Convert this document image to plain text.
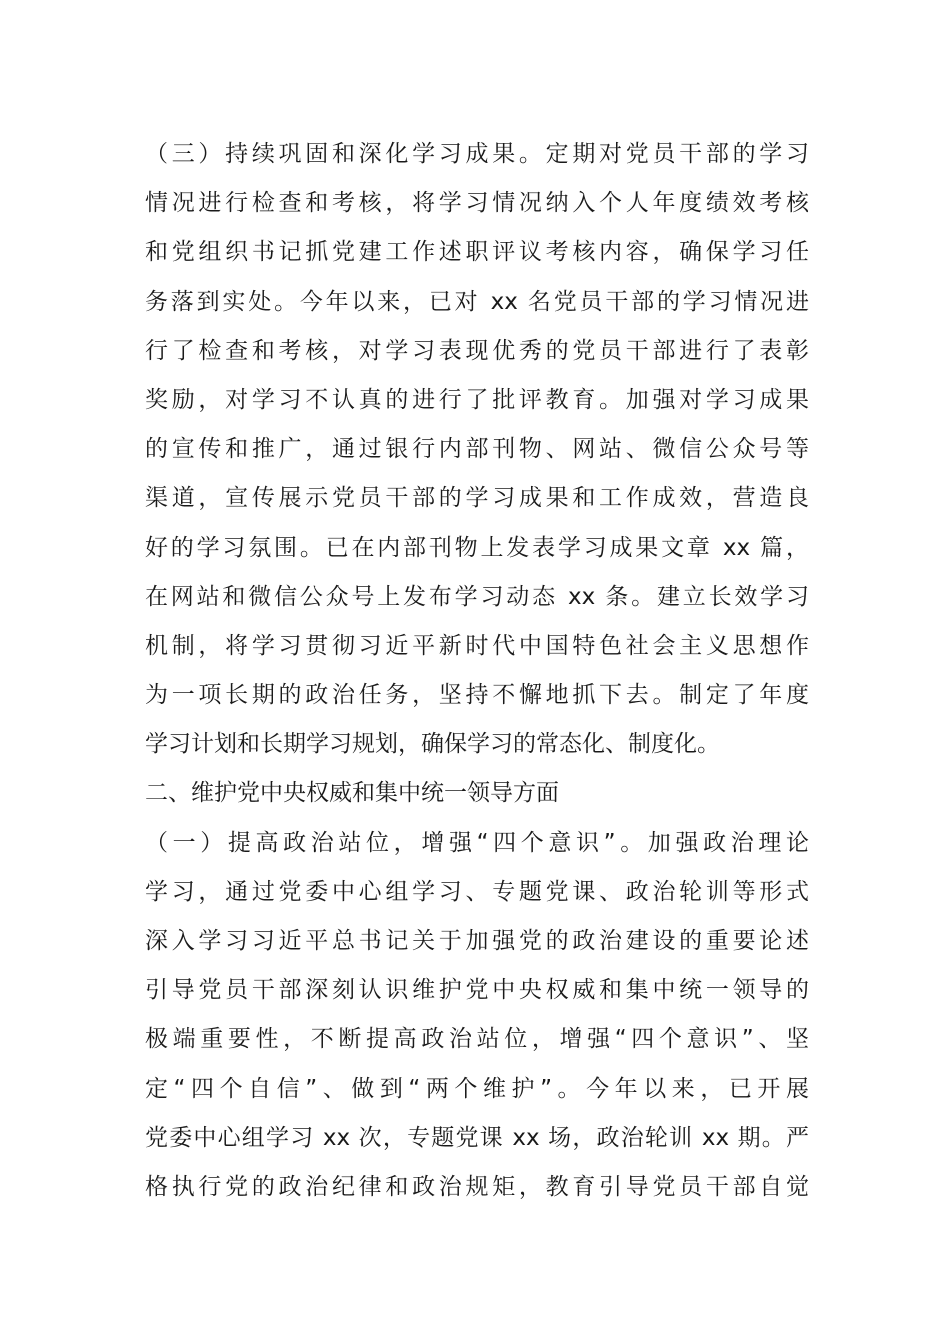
（三）持续巩固和深化学习成果。定期对党员干部的学习
情况进行检查和考核，将学习情况纳入个人年度绩效考核
和党组织书记抓党建工作述职评议考核内容，确保学习任
务落到实处。今年以来，已对 xx 名党员干部的学习情况进
行了检查和考核，对学习表现优秀的党员干部进行了表彰
奖励，对学习不认真的进行了批评教育。加强对学习成果
的宣传和推广，通过银行内部刊物、网站、微信公众号等
渠道，宣传展示党员干部的学习成果和工作成效，营造良
好的学习氛围。已在内部刊物上发表学习成果文章 xx 篇，
在网站和微信公众号上发布学习动态 xx 条。建立长效学习
机制，将学习贯彻习近平新时代中国特色社会主义思想作
为一项长期的政治任务，坚持不懈地抓下去。制定了年度
学习计划和长期学习规划，确保学习的常态化、制度化。
二、维护党中央权威和集中统一领导方面
（一）提高政治站位，增强“四个意识”。加强政治理论
学习，通过党委中心组学习、专题党课、政治轮训等形式
深入学习习近平总书记关于加强党的政治建设的重要论述
引导党员干部深刻认识维护党中央权威和集中统一领导的
极端重要性，不断提高政治站位，增强“四个意识”、坚
定“四个自信”、做到“两个维护”。今年以来，已开展
党委中心组学习 xx 次，专题党课 xx 场，政治轮训 xx 期。严
格执行党的政治纪律和政治规矩，教育引导党员干部自觉
